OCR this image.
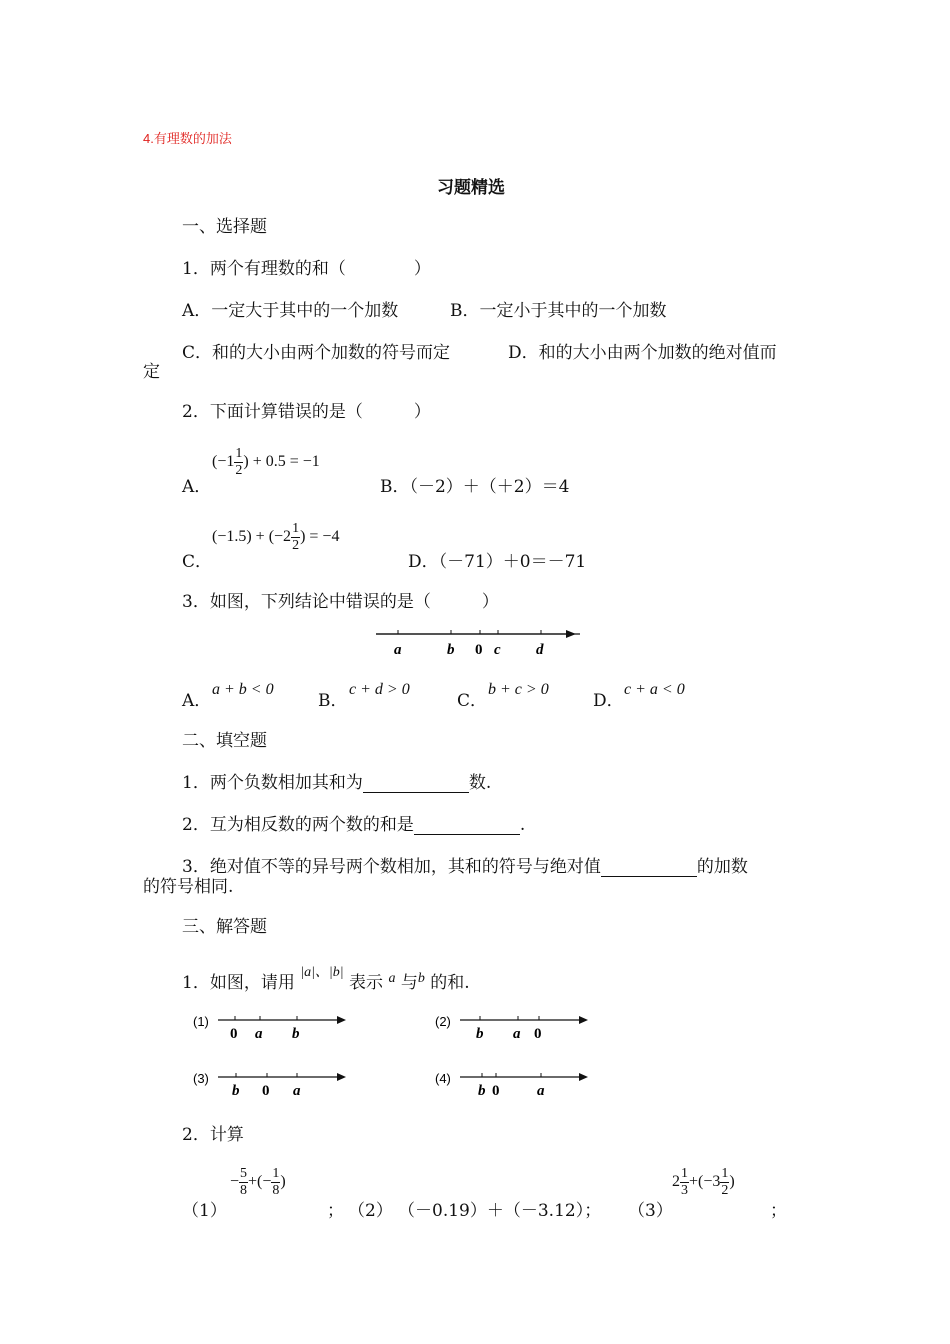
4.有理数的加法
习题精选
一、选择题
1．两个有理数的和（　　　　）
A．一定大于其中的一个加数	B．一定小于其中的一个加数
C．和的大小由两个加数的符号而定	D．和的大小由两个加数的绝对值而
定
2．下面计算错误的是（　　　）
A．
($-1 \frac{1}{2}$ ) + 0.5 = −1
B．（－2）＋（＋2）＝4
C．
$(-1.5) + (-2 \frac{1}{2}$ ) = −4
D．（－71）＋0＝－71
3．如图，下列结论中错误的是（　　　）
a	b 0 c d
A．
a + b < 0
B．
c + d > 0
C．
b + c > 0
D．
c + a < 0
二、填空题
1．两个负数相加其和为	数.
2．互为相反数的两个数的和是	.
3．绝对值不等的异号两个数相加，其和的符号与绝对值	的加数
的符号相同.
三、解答题
1．如图，请用 $^{|a|、|b|}$ 表示 $^a$ 与$^b$ 的和.
(1)
0 a b
(2)
b a 0
(3)
b 0 a
(4)
b 0	a
2．计算
（1）
− $\frac{5}{8}$ +(− $\frac{1}{8}$ )
； （2） （－0.19）＋（－3.12）； （3）
$2 \frac{1}{3} +(-3 \frac{1}{2}$ )
；
